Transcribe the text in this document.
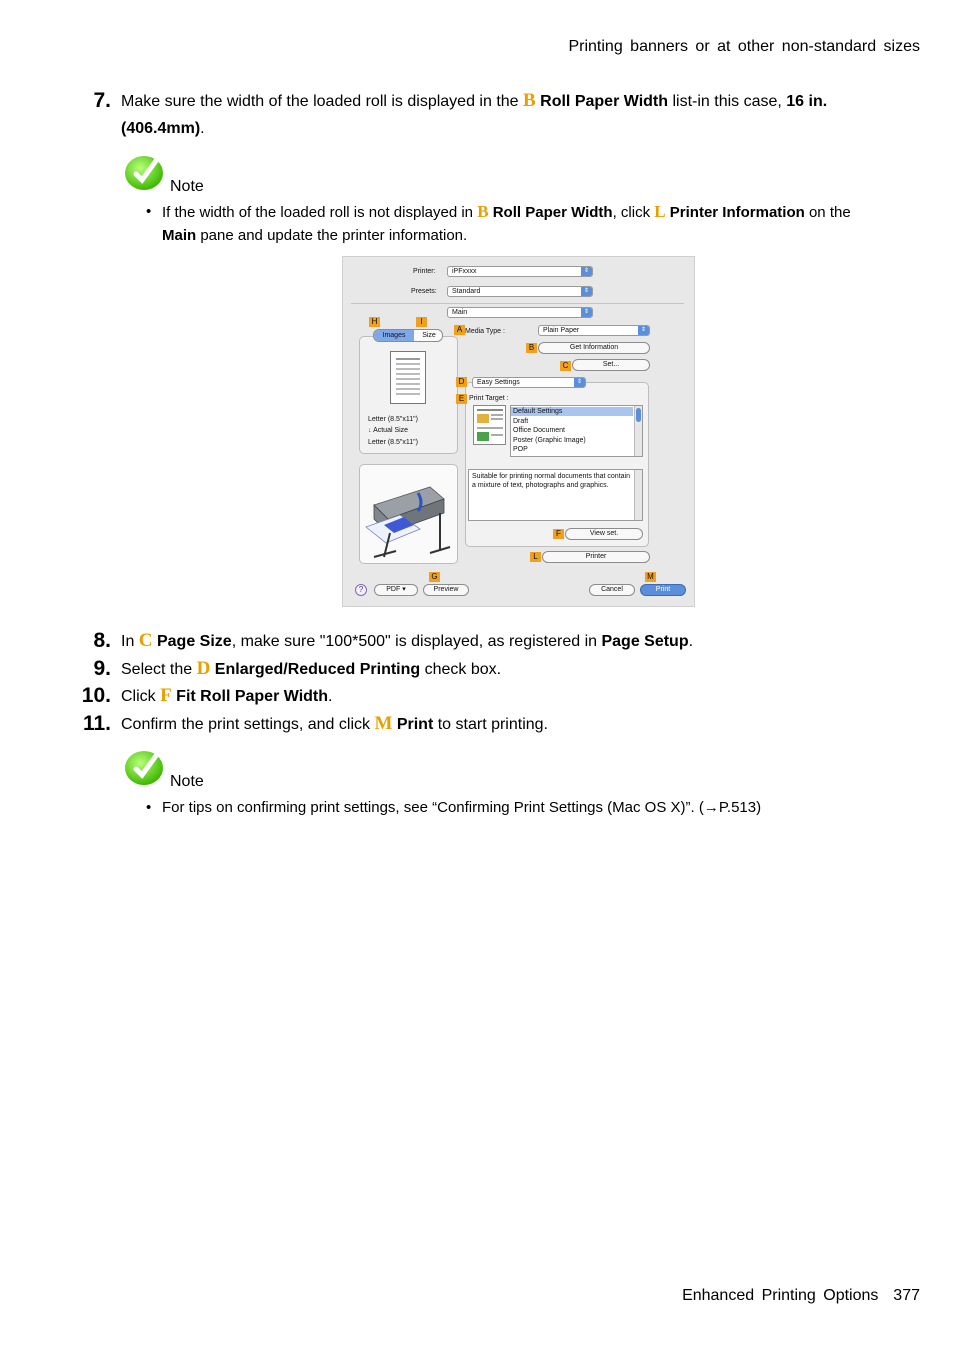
Printing banners or at other non-standard sizes
7. Make sure the width of the loaded roll is displayed in the B Roll Paper Width list-in this case, 16 in. (406.4mm).
Note
• If the width of the loaded roll is not displayed in B Roll Paper Width, click L Printer Information on the Main pane and update the printer information.
Printer:	iPFxxxx	⇕
Presets:	Standard	⇕
Main	⇕
H	I
Images	Size
Letter (8.5"x11")
↓ Actual Size
Letter (8.5"x11")
A Media Type :	Plain Paper	⇕
B	Get Information
C	Set...
D	Easy Settings	⇕
E Print Target :
Default Settings
Draft
Office Document
Poster (Graphic Image)
POP
Suitable for printing normal documents that contain a mixture of text, photographs and graphics.
F	View set.
L	Printer
G	M
?	PDF ▾	Preview	Cancel	Print
8. In C Page Size, make sure "100*500" is displayed, as registered in Page Setup.
9. Select the D Enlarged/Reduced Printing check box.
10. Click F Fit Roll Paper Width.
11. Confirm the print settings, and click M Print to start printing.
Note
• For tips on confirming print settings, see “Confirming Print Settings (Mac OS X)”. (→P.513)
Enhanced Printing Options 377
